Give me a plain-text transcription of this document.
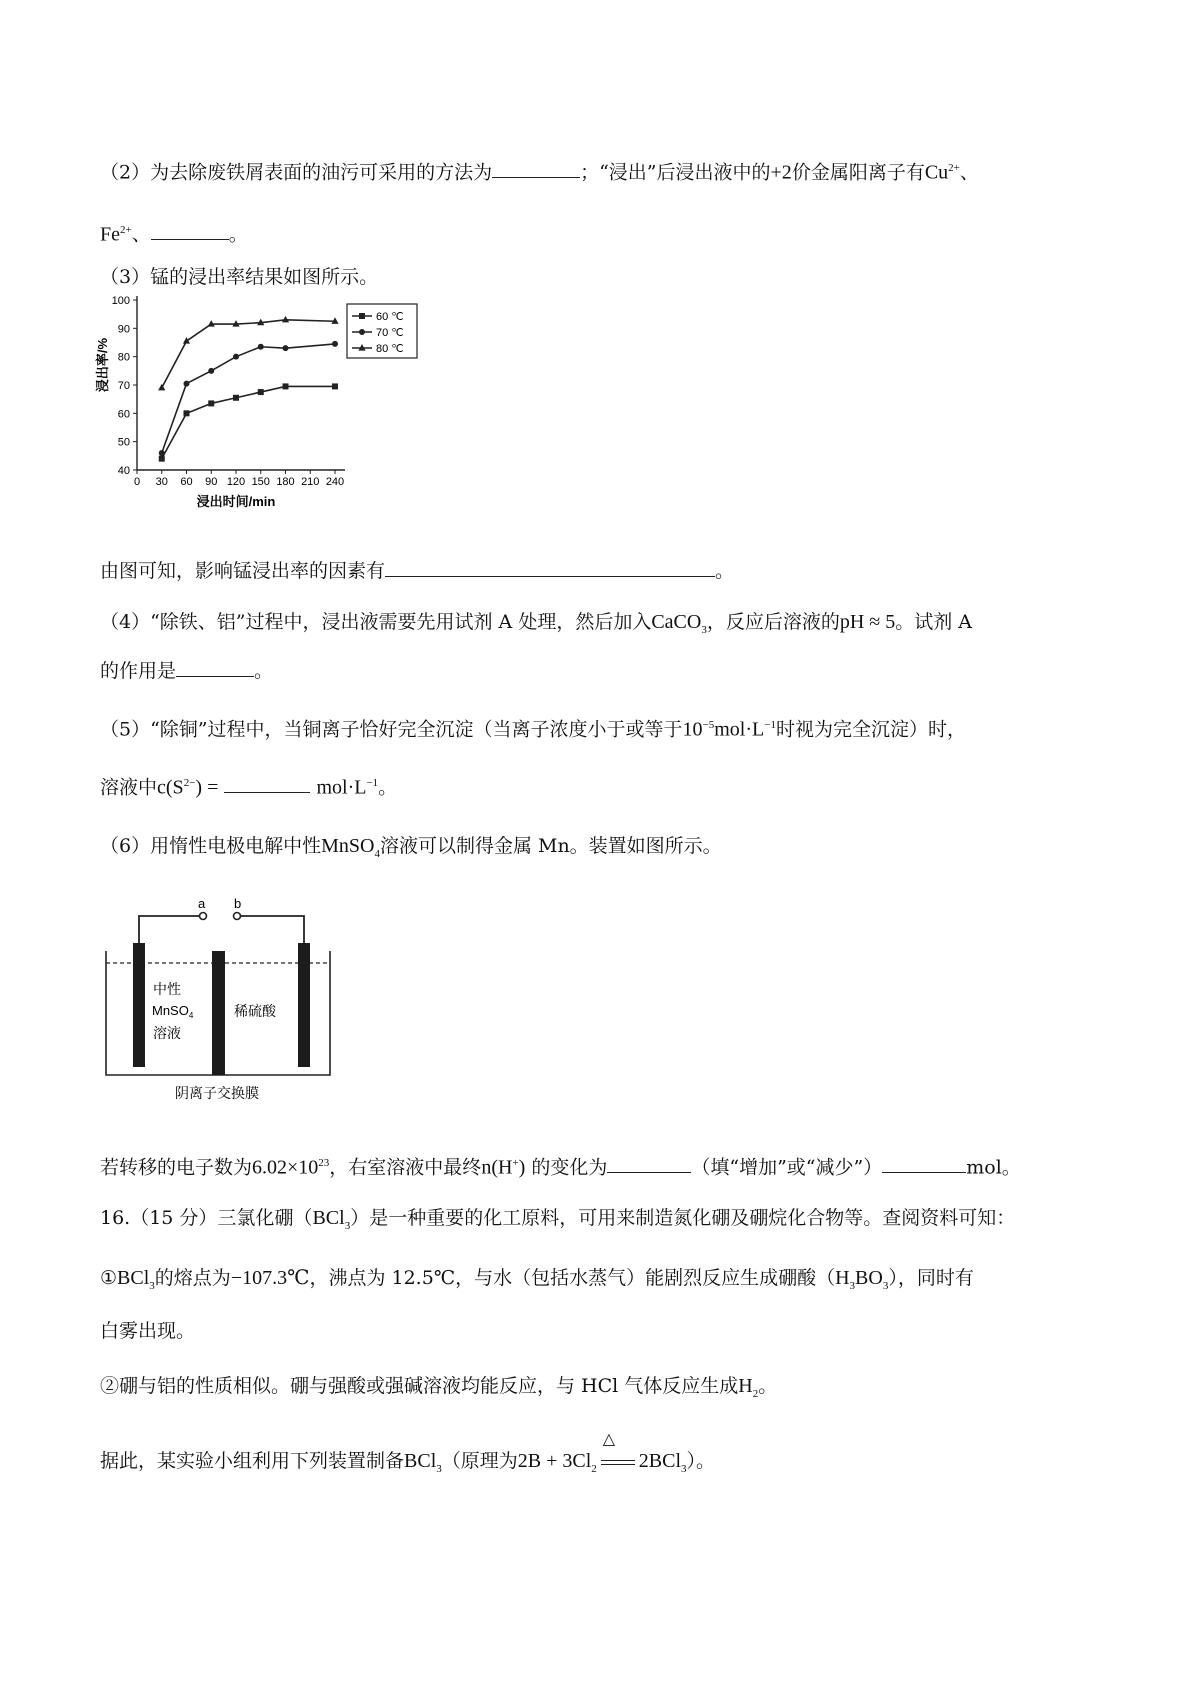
（2）为去除废铁屑表面的油污可采用的方法为	；“浸出”后浸出液中的+2价金属阳离子有$Cu^{2+}$、
$Fe^{2+}$、	。
（3）锰的浸出率结果如图所示。
0 30 60 90 120 150 180 210 240
40
50
60
70
80
90
100
浸出时间/min
浸出率/%
60 ℃
70 ℃
80 ℃
由图可知，影响锰浸出率的因素有	。
（4）“除铁、铝”过程中，浸出液需要先用试剂 A 处理，然后加入CaCO$_3$，反应后溶液的pH ≈ 5。试剂 A
的作用是	。
（5）“除铜”过程中，当铜离子恰好完全沉淀（当离子浓度小于或等于$10^{-5}mol\cdot L^{-1}$时视为完全沉淀）时，
溶液中$c(S^{2-})$ =	$mol\cdot L^{-1}$。
（6）用惰性电极电解中性MnSO$_4$溶液可以制得金属 Mn。装置如图所示。
a b
中性
MnSO$_4$
溶液
稀硫酸
阴离子交换膜
若转移的电子数为$6.02\times 10^{23}$，右室溶液中最终n(H+) 的变化为	（填“增加”或“减少”）	mol。
16.（15 分）三氯化硼（BCl$_3$）是一种重要的化工原料，可用来制造氮化硼及硼烷化合物等。查阅资料可知：
①BCl$_3$的熔点为−107.3℃，沸点为 12.5℃，与水（包括水蒸气）能剧烈反应生成硼酸$(H_3BO_3)$，同时有
白雾出现。
②硼与铝的性质相似。硼与强酸或强碱溶液均能反应，与 HCl 气体反应生成$H_2$。
据此，某实验小组利用下列装置制备BCl$_3$（原理为$2B + 3Cl_2$
△
2BCl$_3$）。
